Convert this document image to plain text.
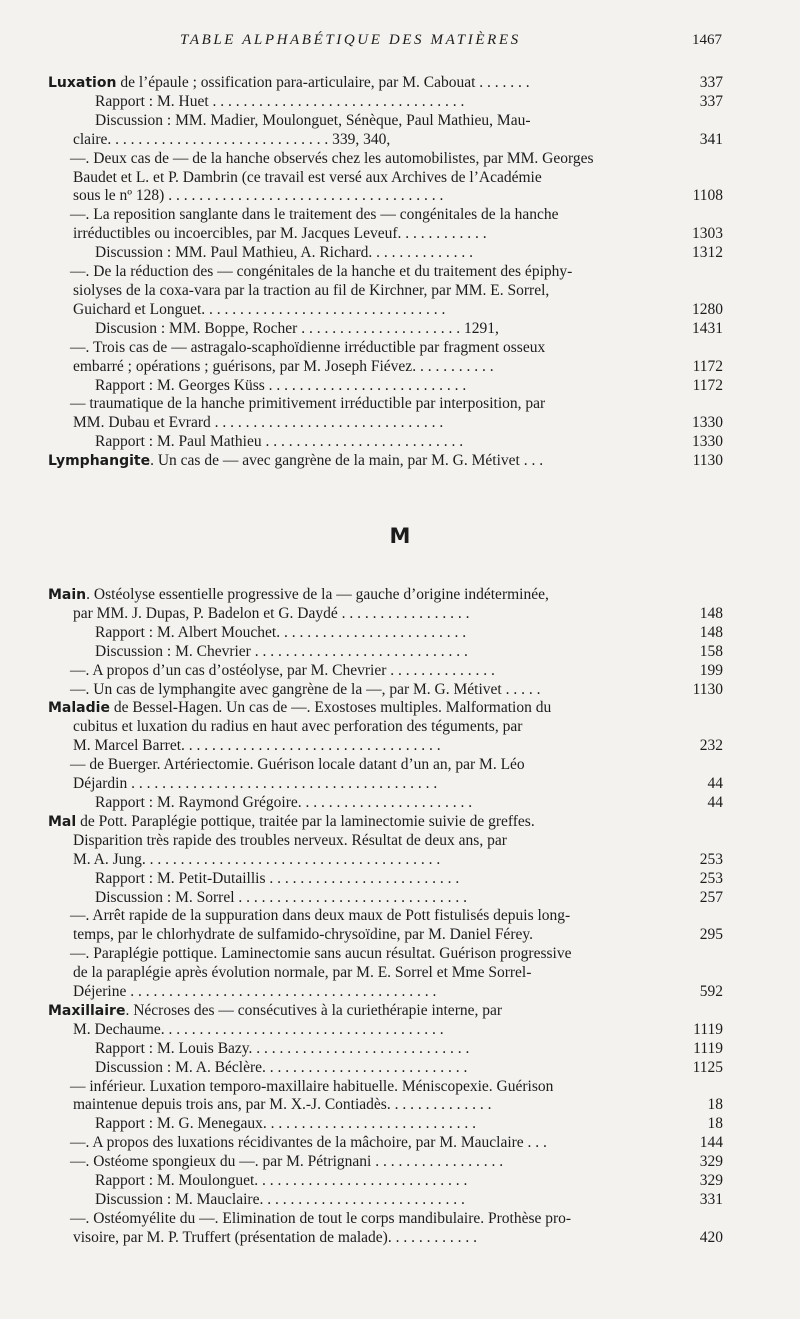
TABLE ALPHABÉTIQUE DES MATIÈRES	1467
Luxation de l’épaule ; ossification para-articulaire, par M. Cabouat . . . . . . .	337
Rapport : M. Huet . . . . . . . . . . . . . . . . . . . . . . . . . . . . . . . . .	337
Discussion : MM. Madier, Moulonguet, Sénèque, Paul Mathieu, Mau-
claire. . . . . . . . . . . . . . . . . . . . . . . . . . . . . 339, 340,	341
—. Deux cas de — de la hanche observés chez les automobilistes, par MM. Georges
Baudet et L. et P. Dambrin (ce travail est versé aux Archives de l’Académie
sous le nº 128) . . . . . . . . . . . . . . . . . . . . . . . . . . . . . . . . . . . .	1108
—. La reposition sanglante dans le traitement des — congénitales de la hanche
irréductibles ou incoercibles, par M. Jacques Leveuf. . . . . . . . . . . .	1303
Discussion : MM. Paul Mathieu, A. Richard. . . . . . . . . . . . . .	1312
—. De la réduction des — congénitales de la hanche et du traitement des épiphy-
siolyses de la coxa-vara par la traction au fil de Kirchner, par MM. E. Sorrel,
Guichard et Longuet. . . . . . . . . . . . . . . . . . . . . . . . . . . . . . . .	1280
Discusion : MM. Boppe, Rocher . . . . . . . . . . . . . . . . . . . . . 1291,	1431
—. Trois cas de — astragalo-scaphoïdienne irréductible par fragment osseux
embarré ; opérations ; guérisons, par M. Joseph Fiévez. . . . . . . . . . .	1172
Rapport : M. Georges Küss . . . . . . . . . . . . . . . . . . . . . . . . . .	1172
— traumatique de la hanche primitivement irréductible par interposition, par
MM. Dubau et Evrard . . . . . . . . . . . . . . . . . . . . . . . . . . . . . .	1330
Rapport : M. Paul Mathieu . . . . . . . . . . . . . . . . . . . . . . . . . .	1330
Lymphangite. Un cas de — avec gangrène de la main, par M. G. Métivet . . .	1130
M
Main. Ostéolyse essentielle progressive de la — gauche d’origine indéterminée,
par MM. J. Dupas, P. Badelon et G. Daydé . . . . . . . . . . . . . . . . .	148
Rapport : M. Albert Mouchet. . . . . . . . . . . . . . . . . . . . . . . . .	148
Discussion : M. Chevrier . . . . . . . . . . . . . . . . . . . . . . . . . . . .	158
—. A propos d’un cas d’ostéolyse, par M. Chevrier . . . . . . . . . . . . . .	199
—. Un cas de lymphangite avec gangrène de la —, par M. G. Métivet . . . . .	1130
Maladie de Bessel-Hagen. Un cas de —. Exostoses multiples. Malformation du
cubitus et luxation du radius en haut avec perforation des téguments, par
M. Marcel Barret. . . . . . . . . . . . . . . . . . . . . . . . . . . . . . . . . .	232
— de Buerger. Artériectomie. Guérison locale datant d’un an, par M. Léo
Déjardin . . . . . . . . . . . . . . . . . . . . . . . . . . . . . . . . . . . . . . . .	44
Rapport : M. Raymond Grégoire. . . . . . . . . . . . . . . . . . . . . . .	44
Mal de Pott. Paraplégie pottique, traitée par la laminectomie suivie de greffes.
Disparition très rapide des troubles nerveux. Résultat de deux ans, par
M. A. Jung. . . . . . . . . . . . . . . . . . . . . . . . . . . . . . . . . . . . . . .	253
Rapport : M. Petit-Dutaillis . . . . . . . . . . . . . . . . . . . . . . . . .	253
Discussion : M. Sorrel . . . . . . . . . . . . . . . . . . . . . . . . . . . . . .	257
—. Arrêt rapide de la suppuration dans deux maux de Pott fistulisés depuis long-
temps, par le chlorhydrate de sulfamido-chrysoïdine, par M. Daniel Férey.	295
—. Paraplégie pottique. Laminectomie sans aucun résultat. Guérison progressive
de la paraplégie après évolution normale, par M. E. Sorrel et Mme Sorrel-
Déjerine . . . . . . . . . . . . . . . . . . . . . . . . . . . . . . . . . . . . . . . .	592
Maxillaire. Nécroses des — consécutives à la curiethérapie interne, par
M. Dechaume. . . . . . . . . . . . . . . . . . . . . . . . . . . . . . . . . . . . .	1119
Rapport : M. Louis Bazy. . . . . . . . . . . . . . . . . . . . . . . . . . . . .	1119
Discussion : M. A. Béclère. . . . . . . . . . . . . . . . . . . . . . . . . . .	1125
— inférieur. Luxation temporo-maxillaire habituelle. Méniscopexie. Guérison
maintenue depuis trois ans, par M. X.-J. Contiadès. . . . . . . . . . . . . .	18
Rapport : M. G. Menegaux. . . . . . . . . . . . . . . . . . . . . . . . . . . .	18
—. A propos des luxations récidivantes de la mâchoire, par M. Mauclaire . . .	144
—. Ostéome spongieux du —. par M. Pétrignani . . . . . . . . . . . . . . . . .	329
Rapport : M. Moulonguet. . . . . . . . . . . . . . . . . . . . . . . . . . . .	329
Discussion : M. Mauclaire. . . . . . . . . . . . . . . . . . . . . . . . . . .	331
—. Ostéomyélite du —. Elimination de tout le corps mandibulaire. Prothèse pro-
visoire, par M. P. Truffert (présentation de malade). . . . . . . . . . . .	420
